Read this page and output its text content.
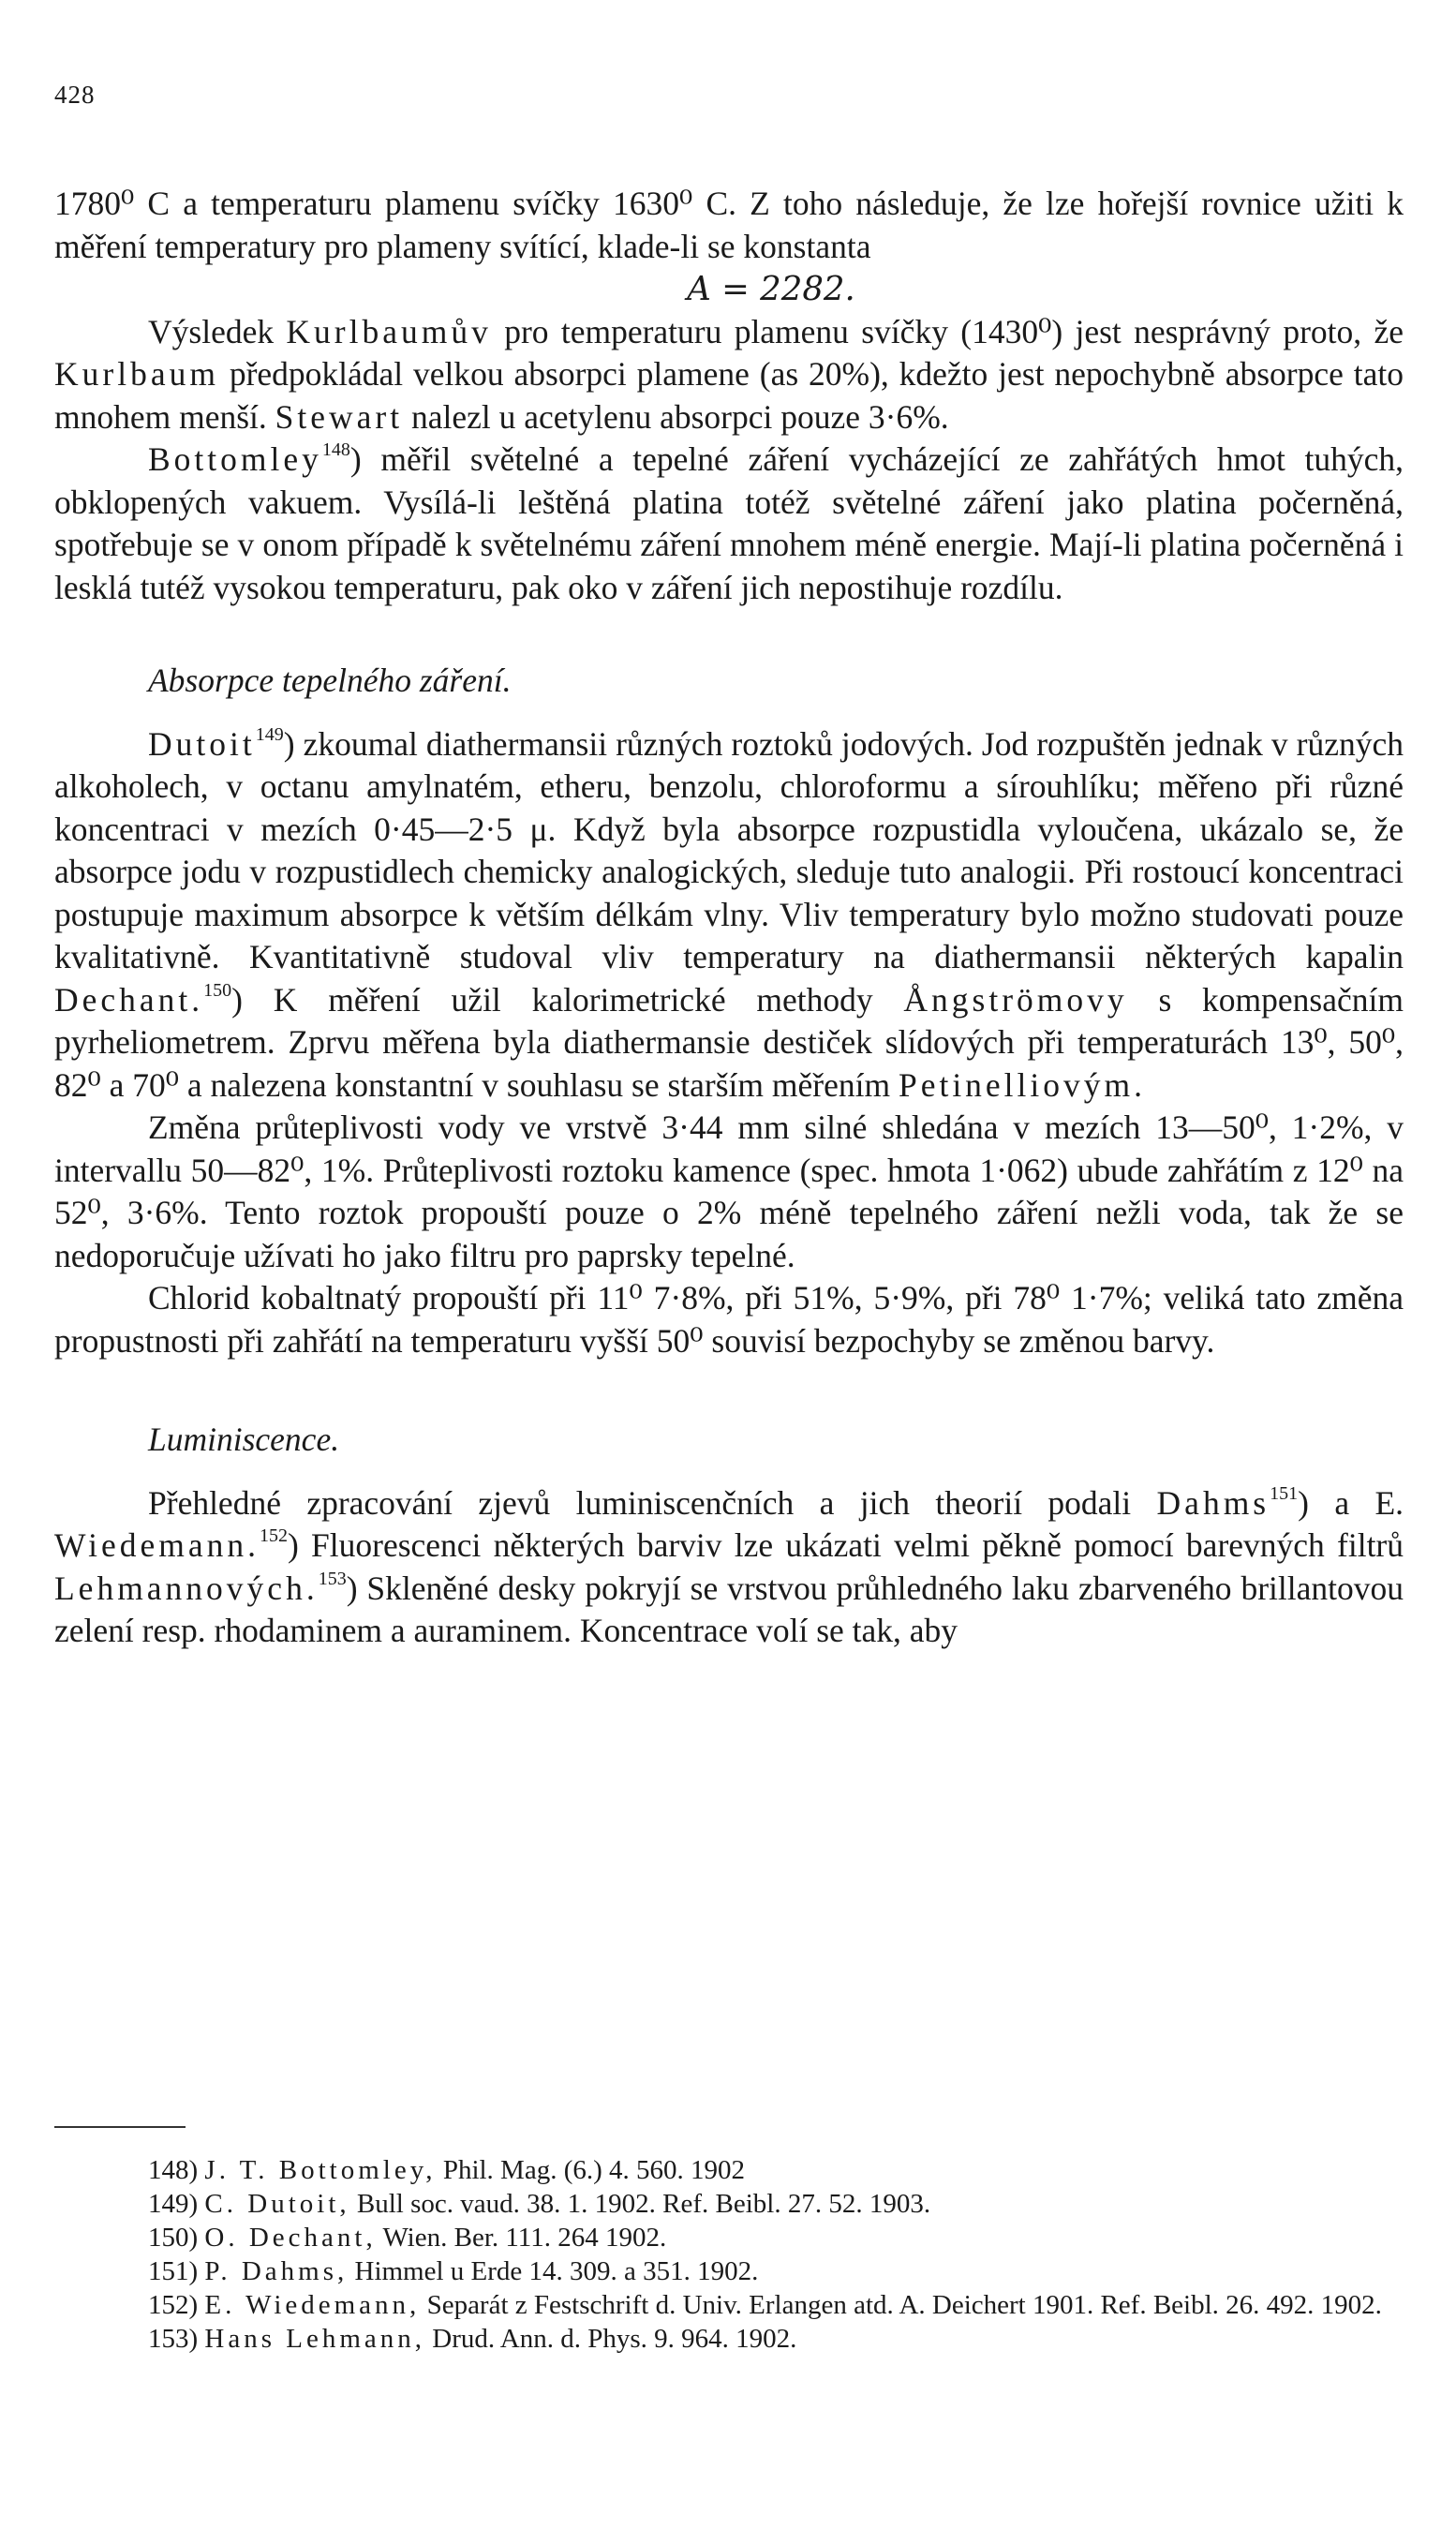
428

1780⁰ C a temperaturu plamenu svíčky 1630⁰ C. Z toho následuje, že lze hořejší rovnice užiti k měření temperatury pro plameny svítící, klade-li se konstanta

A = 2282.

Výsledek Kurlbaumův pro temperaturu plamenu svíčky (1430⁰) jest nesprávný proto, že Kurlbaum předpokládal velkou absorpci plamene (as 20%), kdežto jest nepochybně absorpce tato mnohem menší. Stewart nalezl u acetylenu absorpci pouze 3·6%.

Bottomley$^{148}$) měřil světelné a tepelné záření vycházející ze zahřátých hmot tuhých, obklopených vakuem. Vysílá-li leštěná platina totéž světelné záření jako platina počerněná, spotřebuje se v onom případě k světelnému záření mnohem méně energie. Mají-li platina počerněná i lesklá tutéž vysokou temperaturu, pak oko v záření jich nepostihuje rozdílu.

Absorpce tepelného záření.

Dutoit$^{149}$) zkoumal diathermansii různých roztoků jodových. Jod rozpuštěn jednak v různých alkoholech, v octanu amylnatém, etheru, benzolu, chloroformu a sírouhlíku; měřeno při různé koncentraci v mezích 0·45—2·5 μ. Když byla absorpce rozpustidla vyloučena, ukázalo se, že absorpce jodu v rozpustidlech chemicky analogických, sleduje tuto analogii. Při rostoucí koncentraci postupuje maximum absorpce k větším délkám vlny. Vliv temperatury bylo možno studovati pouze kvalitativně. Kvantitativně studoval vliv temperatury na diathermansii některých kapalin Dechant.$^{150}$) K měření užil kalorimetrické methody Ångströmovy s kompensačním pyrheliometrem. Zprvu měřena byla diathermansie destiček slídových při temperaturách 13⁰, 50⁰, 82⁰ a 70⁰ a nalezena konstantní v souhlasu se starším měřením Petinelliovým.

Změna průteplivosti vody ve vrstvě 3·44 mm silné shledána v mezích 13—50⁰, 1·2%, v intervallu 50—82⁰, 1%. Průteplivosti roztoku kamence (spec. hmota 1·062) ubude zahřátím z 12⁰ na 52⁰, 3·6%. Tento roztok propouští pouze o 2% méně tepelného záření nežli voda, tak že se nedoporučuje užívati ho jako filtru pro paprsky tepelné.

Chlorid kobaltnatý propouští při 11⁰ 7·8%, při 51%, 5·9%, při 78⁰ 1·7%; veliká tato změna propustnosti při zahřátí na temperaturu vyšší 50⁰ souvisí bezpochyby se změnou barvy.

Luminiscence.

Přehledné zpracování zjevů luminiscenčních a jich theorií podali Dahms$^{151}$) a E. Wiedemann.$^{152}$) Fluorescenci některých barviv lze ukázati velmi pěkně pomocí barevných filtrů Lehmannových.$^{153}$) Skleněné desky pokryjí se vrstvou průhledného laku zbarveného brillantovou zelení resp. rhodaminem a auraminem. Koncentrace volí se tak, aby

148) J. T. Bottomley, Phil. Mag. (6.) 4. 560. 1902

149) C. Dutoit, Bull soc. vaud. 38. 1. 1902. Ref. Beibl. 27. 52. 1903.

150) O. Dechant, Wien. Ber. 111. 264 1902.

151) P. Dahms, Himmel u Erde 14. 309. a 351. 1902.

152) E. Wiedemann, Separát z Festschrift d. Univ. Erlangen atd. A. Deichert 1901. Ref. Beibl. 26. 492. 1902.

153) Hans Lehmann, Drud. Ann. d. Phys. 9. 964. 1902.
